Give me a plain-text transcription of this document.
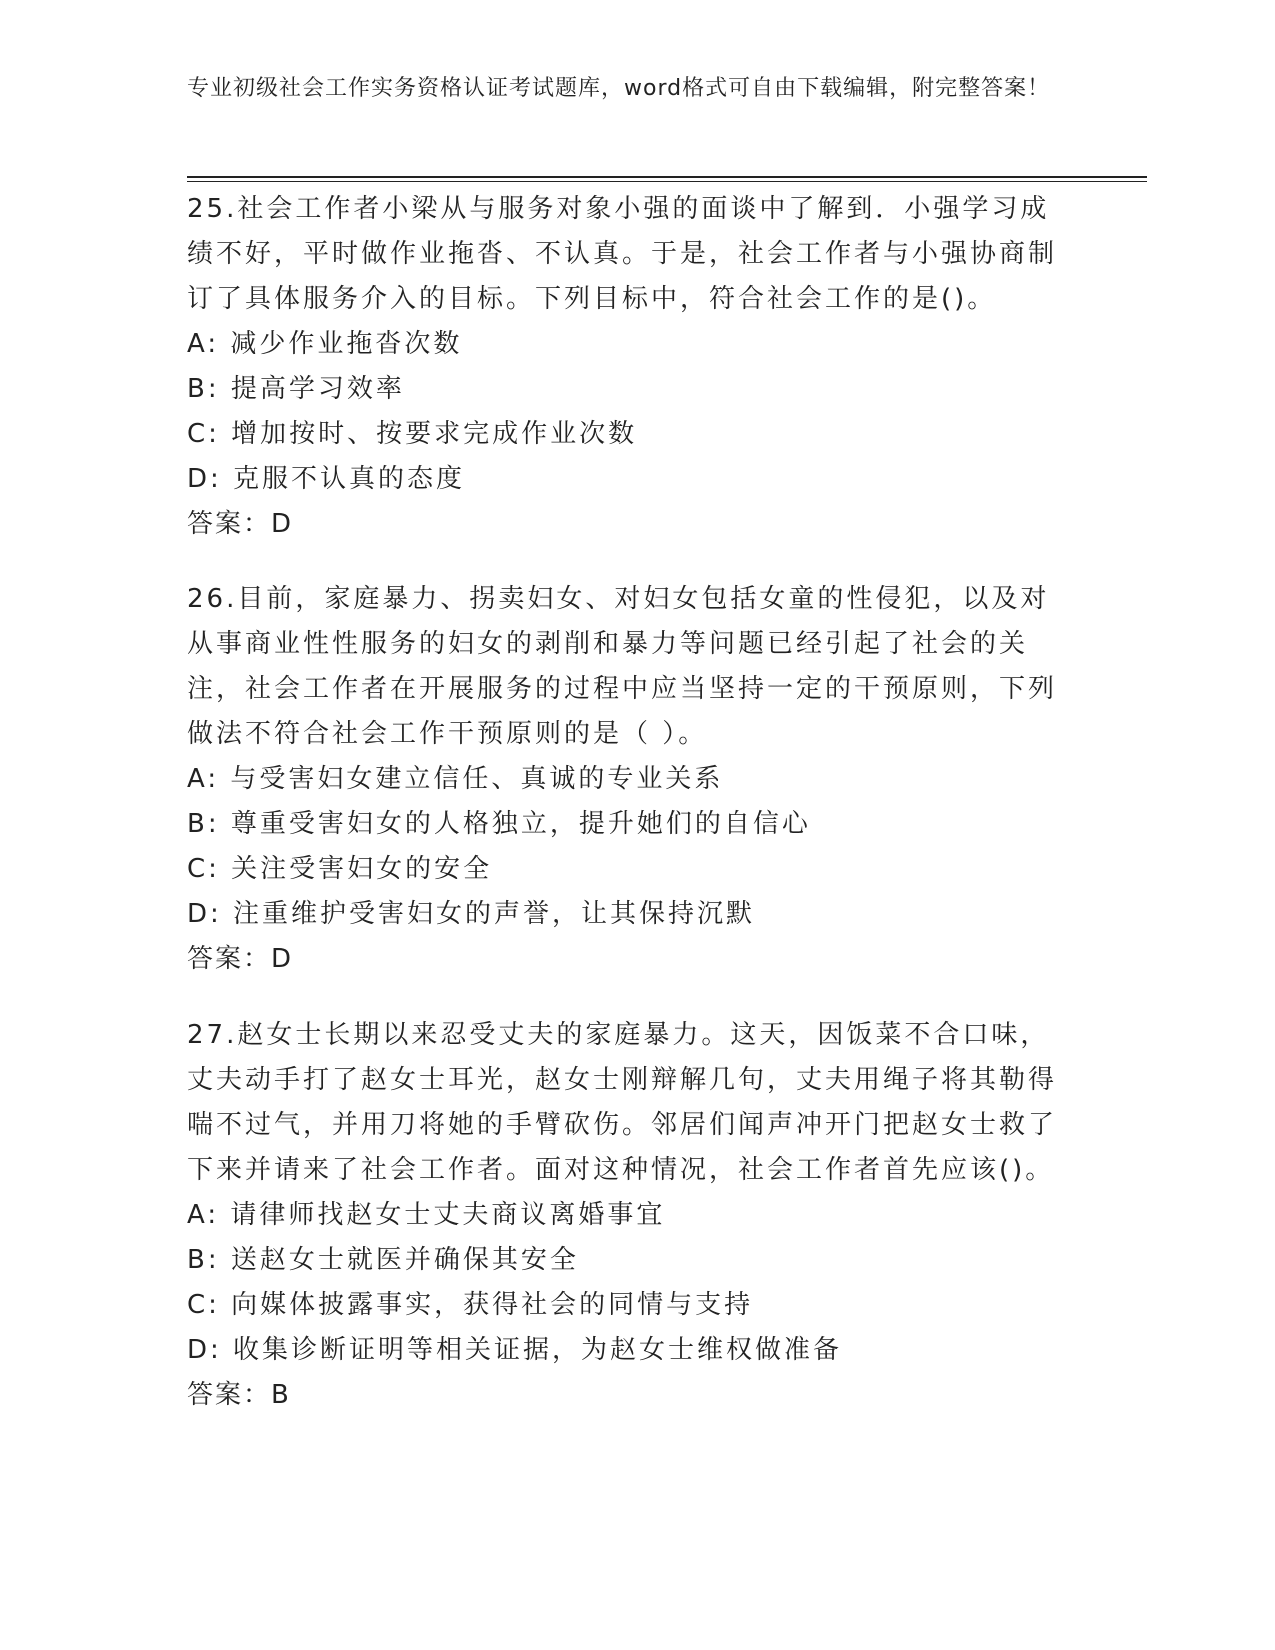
专业初级社会工作实务资格认证考试题库，word格式可自由下载编辑，附完整答案！

25.社会工作者小梁从与服务对象小强的面谈中了解到．小强学习成绩不好，平时做作业拖沓、不认真。于是，社会工作者与小强协商制订了具体服务介入的目标。下列目标中，符合社会工作的是()。

A: 减少作业拖沓次数

B: 提高学习效率

C: 增加按时、按要求完成作业次数

D: 克服不认真的态度

答案：D

26.目前，家庭暴力、拐卖妇女、对妇女包括女童的性侵犯，以及对从事商业性性服务的妇女的剥削和暴力等问题已经引起了社会的关注，社会工作者在开展服务的过程中应当坚持一定的干预原则，下列做法不符合社会工作干预原则的是（ ）。

A: 与受害妇女建立信任、真诚的专业关系

B: 尊重受害妇女的人格独立，提升她们的自信心

C: 关注受害妇女的安全

D: 注重维护受害妇女的声誉，让其保持沉默

答案：D

27.赵女士长期以来忍受丈夫的家庭暴力。这天，因饭菜不合口味，丈夫动手打了赵女士耳光，赵女士刚辩解几句，丈夫用绳子将其勒得喘不过气，并用刀将她的手臂砍伤。邻居们闻声冲开门把赵女士救了下来并请来了社会工作者。面对这种情况，社会工作者首先应该()。

A: 请律师找赵女士丈夫商议离婚事宜

B: 送赵女士就医并确保其安全

C: 向媒体披露事实，获得社会的同情与支持

D: 收集诊断证明等相关证据，为赵女士维权做准备

答案：B
